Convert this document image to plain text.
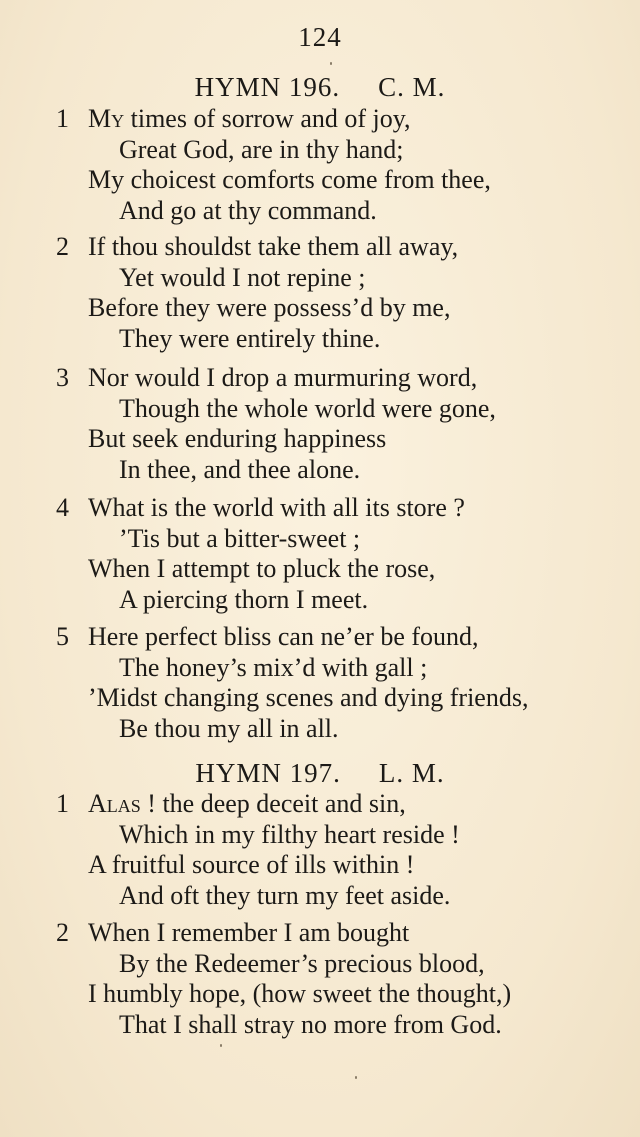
124
HYMN 196. C. M.
1 My times of sorrow and of joy,
Great God, are in thy hand;
My choicest comforts come from thee,
And go at thy command.
2 If thou shouldst take them all away,
Yet would I not repine ;
Before they were possess’d by me,
They were entirely thine.
3 Nor would I drop a murmuring word,
Though the whole world were gone,
But seek enduring happiness
In thee, and thee alone.
4 What is the world with all its store ?
’Tis but a bitter-sweet ;
When I attempt to pluck the rose,
A piercing thorn I meet.
5 Here perfect bliss can ne’er be found,
The honey’s mix’d with gall ;
’Midst changing scenes and dying friends,
Be thou my all in all.
HYMN 197. L. M.
1 Alas ! the deep deceit and sin,
Which in my filthy heart reside !
A fruitful source of ills within !
And oft they turn my feet aside.
2 When I remember I am bought
By the Redeemer’s precious blood,
I humbly hope, (how sweet the thought,)
That I shall stray no more from God.
